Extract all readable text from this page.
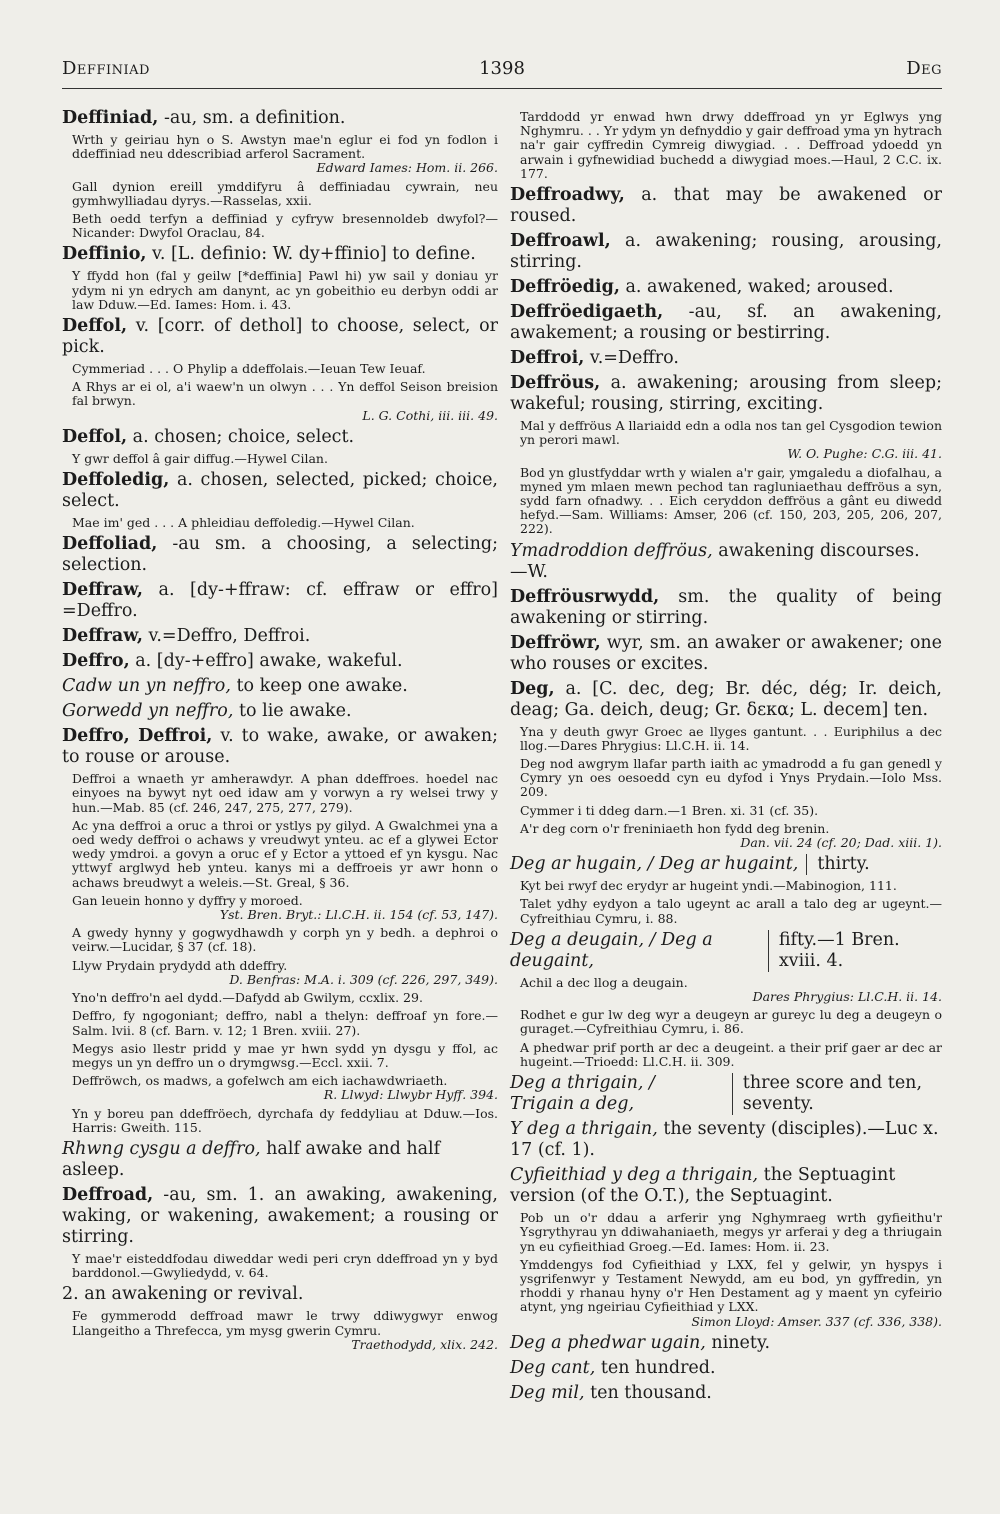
1398
Deffiniad	Deg
Deffiniad, -au, sm. a definition.
Wrth y geiriau hyn o S. Awstyn mae'n eglur ei fod yn fodlon i ddeffiniad neu ddescribiad arferol Sacrament.
Edward Iames: Hom. ii. 266.
Gall dynion ereill ymddifyru â deffiniadau cywrain, neu gymhwylliadau dyrys.—Rasselas, xxii.
Beth oedd terfyn a deffiniad y cyfryw bresennoldeb dwyfol?—Nicander: Dwyfol Oraclau, 84.
Deffinio, v. [L. definio: W. dy+ffinio] to define.
Y ffydd hon (fal y geilw [*deffinia] Pawl hi) yw sail y doniau yr ydym ni yn edrych am danynt, ac yn gobeithio eu derbyn oddi ar law Dduw.—Ed. Iames: Hom. i. 43.
Deffol, v. [corr. of dethol] to choose, select, or pick.
Cymmeriad . . . O Phylip a ddeffolais.—Ieuan Tew Ieuaf.
A Rhys ar ei ol, a'i waew'n un olwyn . . . Yn deffol Seison breision fal brwyn.
L. G. Cothi, iii. iii. 49.
Deffol, a. chosen; choice, select.
Y gwr deffol â gair diffug.—Hywel Cilan.
Deffoledig, a. chosen, selected, picked; choice, select.
Mae im' ged . . . A phleidiau deffoledig.—Hywel Cilan.
Deffoliad, -au sm. a choosing, a selecting; selection.
Deffraw, a. [dy-+ffraw: cf. effraw or effro] =Deffro.
Deffraw, v.=Deffro, Deffroi.
Deffro, a. [dy-+effro] awake, wakeful.
Cadw un yn neffro, to keep one awake.
Gorwedd yn neffro, to lie awake.
Deffro, Deffroi, v. to wake, awake, or awaken; to rouse or arouse.
Deffroi a wnaeth yr amherawdyr. A phan ddeffroes. hoedel nac einyoes na bywyt nyt oed idaw am y vorwyn a ry welsei trwy y hun.—Mab. 85 (cf. 246, 247, 275, 277, 279).
Ac yna deffroi a oruc a throi or ystlys py gilyd. A Gwalchmei yna a oed wedy deffroi o achaws y vreudwyt ynteu. ac ef a glywei Ector wedy ymdroi. a govyn a oruc ef y Ector a yttoed ef yn kysgu. Nac yttwyf arglwyd heb ynteu. kanys mi a deffroeis yr awr honn o achaws breudwyt a weleis.—St. Greal, § 36.
Gan leuein honno y dyffry y moroed.
Yst. Bren. Bryt.: Ll.C.H. ii. 154 (cf. 53, 147).
A gwedy hynny y gogwydhawdh y corph yn y bedh. a dephroi o veirw.—Lucidar, § 37 (cf. 18).
Llyw Prydain prydydd ath ddeffry.
D. Benfras: M.A. i. 309 (cf. 226, 297, 349).
Yno'n deffro'n ael dydd.—Dafydd ab Gwilym, ccxlix. 29.
Deffro, fy ngogoniant; deffro, nabl a thelyn: deffroaf yn fore.—Salm. lvii. 8 (cf. Barn. v. 12; 1 Bren. xviii. 27).
Megys asio llestr pridd y mae yr hwn sydd yn dysgu y ffol, ac megys un yn deffro un o drymgwsg.—Eccl. xxii. 7.
Deffröwch, os madws, a gofelwch am eich iachawdwriaeth.
R. Llwyd: Llwybr Hyff. 394.
Yn y boreu pan ddeffröech, dyrchafa dy feddyliau at Dduw.—Ios. Harris: Gweith. 115.
Rhwng cysgu a deffro, half awake and half asleep.
Deffroad, -au, sm. 1. an awaking, awakening, waking, or wakening, awakement; a rousing or stirring.
Y mae'r eisteddfodau diweddar wedi peri cryn ddeffroad yn y byd barddonol.—Gwyliedydd, v. 64.
2. an awakening or revival.
Fe gymmerodd deffroad mawr le trwy ddiwygwyr enwog Llangeitho a Threfecca, ym mysg gwerin Cymru.
Traethodydd, xlix. 242.
Tarddodd yr enwad hwn drwy ddeffroad yn yr Eglwys yng Nghymru. . . Yr ydym yn defnyddio y gair deffroad yma yn hytrach na'r gair cyffredin Cymreig diwygiad. . . Deffroad ydoedd yn arwain i gyfnewidiad buchedd a diwygiad moes.—Haul, 2 C.C. ix. 177.
Deffroadwy, a. that may be awakened or roused.
Deffroawl, a. awakening; rousing, arousing, stirring.
Deffröedig, a. awakened, waked; aroused.
Deffröedigaeth, -au, sf. an awakening, awakement; a rousing or bestirring.
Deffroi, v.=Deffro.
Deffröus, a. awakening; arousing from sleep; wakeful; rousing, stirring, exciting.
Mal y deffröus A llariaidd edn a odla nos tan gel Cysgodion tewion yn perori mawl.
W. O. Pughe: C.G. iii. 41.
Bod yn glustfyddar wrth y wialen a'r gair, ymgaledu a diofalhau, a myned ym mlaen mewn pechod tan ragluniaethau deffröus a syn, sydd farn ofnadwy. . . Eich ceryddon deffröus a gânt eu diwedd hefyd.—Sam. Williams: Amser, 206 (cf. 150, 203, 205, 206, 207, 222).
Ymadroddion deffröus, awakening discourses. —W.
Deffröusrwydd, sm. the quality of being awakening or stirring.
Deffröwr, wyr, sm. an awaker or awakener; one who rouses or excites.
Deg, a. [C. dec, deg; Br. déc, dég; Ir. deich, deag; Ga. deich, deug; Gr. δεκα; L. decem] ten.
Yna y deuth gwyr Groec ae llyges gantunt. . . Euriphilus a dec llog.—Dares Phrygius: Ll.C.H. ii. 14.
Deg nod awgrym llafar parth iaith ac ymadrodd a fu gan genedl y Cymry yn oes oesoedd cyn eu dyfod i Ynys Prydain.—Iolo Mss. 209.
Cymmer i ti ddeg darn.—1 Bren. xi. 31 (cf. 35).
A'r deg corn o'r freniniaeth hon fydd deg brenin.
Dan. vii. 24 (cf. 20; Dad. xiii. 1).
Deg ar hugain, / Deg ar hugaint,	thirty.
Kyt bei rwyf dec erydyr ar hugeint yndi.—Mabinogion, 111.
Talet ydhy eydyon a talo ugeynt ac arall a talo deg ar ugeynt.—Cyfreithiau Cymru, i. 88.
Deg a deugain, / Deg a deugaint,
fifty.—1 Bren. xviii. 4.
Achil a dec llog a deugain.
Dares Phrygius: Ll.C.H. ii. 14.
Rodhet e gur lw deg wyr a deugeyn ar gureyc lu deg a deugeyn o guraget.—Cyfreithiau Cymru, i. 86.
A phedwar prif porth ar dec a deugeint. a their prif gaer ar dec ar hugeint.—Trioedd: Ll.C.H. ii. 309.
Deg a thrigain, / Trigain a deg,
three score and ten, seventy.
Y deg a thrigain, the seventy (disciples).—Luc x. 17 (cf. 1).
Cyfieithiad y deg a thrigain, the Septuagint version (of the O.T.), the Septuagint.
Pob un o'r ddau a arferir yng Nghymraeg wrth gyfieithu'r Ysgrythyrau yn ddiwahaniaeth, megys yr arferai y deg a thriugain yn eu cyfieithiad Groeg.—Ed. Iames: Hom. ii. 23.
Ymddengys fod Cyfieithiad y LXX, fel y gelwir, yn hyspys i ysgrifenwyr y Testament Newydd, am eu bod, yn gyffredin, yn rhoddi y rhanau hyny o'r Hen Destament ag y maent yn cyfeirio atynt, yng ngeiriau Cyfieithiad y LXX.
Simon Lloyd: Amser. 337 (cf. 336, 338).
Deg a phedwar ugain, ninety.
Deg cant, ten hundred.
Deg mil, ten thousand.
